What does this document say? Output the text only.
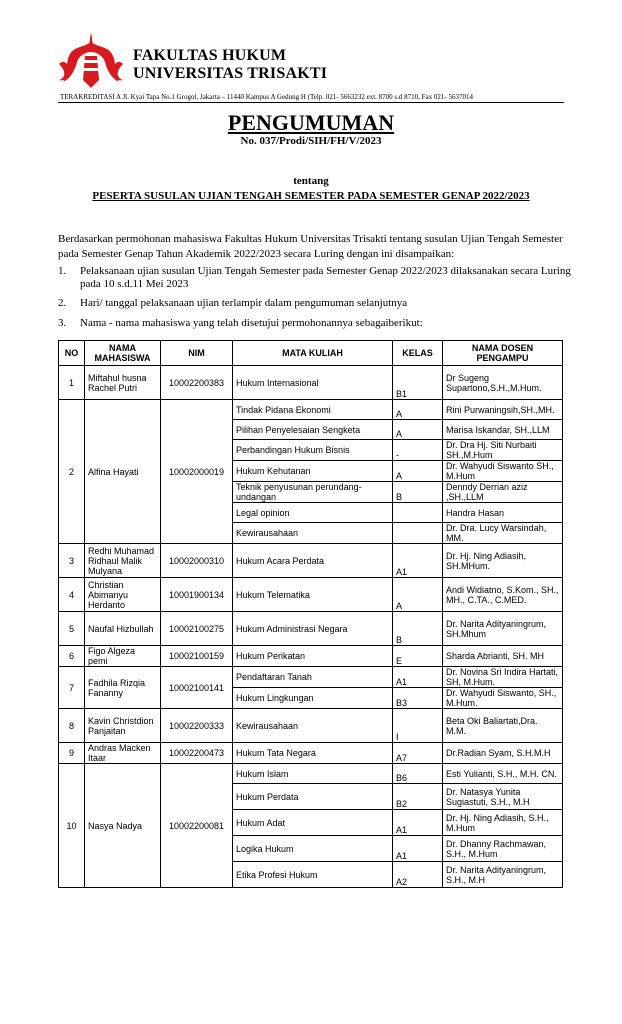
FAKULTAS HUKUM
UNIVERSITAS TRISAKTI
TERAKREDITASI A Jl. Kyai Tapa No.1 Grogol, Jakarta – 11440 Kampus A Gedung H (Telp. 021- 5663232 ext. 8700 s.d 8710, Fax 021- 5637014
PENGUMUMAN
No. 037/Prodi/SIH/FH/V/2023
tentang
PESERTA SUSULAN UJIAN TENGAH SEMESTER PADA SEMESTER GENAP 2022/2023
Berdasarkan permohonan mahasiswa Fakultas Hukum Universitas Trisakti tentang susulan Ujian Tengah Semester pada Semester Genap Tahun Akademik 2022/2023 secara Luring dengan ini disampaikan:
1. Pelaksanaan ujian susulan Ujian Tengah Semester pada Semester Genap 2022/2023 dilaksanakan secara Luring pada 10 s.d.11 Mei 2023
2. Hari/ tanggal pelaksanaan ujian terlampir dalam pengumuman selanjutnya
3. Nama - nama mahasiswa yang telah disetujui permohonannya sebagaiberikut:
NO	NAMA MAHASISWA	NIM	MATA KULIAH	KELAS	NAMA DOSEN PENGAMPU
1	Miftahul husna Rachel Putri	10002200383	Hukum Internasional	B1	Dr Sugeng Supartono,S.H.,M.Hum.
2	Alfina Hayati	10002000019	Tindak Pidana Ekonomi	A	Rini Purwaningsih,SH.,MH.
			Pilihan Penyelesaian Sengketa	A	Marisa Iskandar, SH.,LLM
			Perbandingan Hukum Bisnis	-	Dr. Dra Hj. Siti Nurbaiti SH.,M.Hum
			Hukum Kehutanan	A	Dr. Wahyudi Siswanto SH., M.Hum
			Teknik penyusunan perundang-undangan	B	Denndy Derrian aziz ,SH.,LLM
			Legal opinion		Handra Hasan
			Kewirausahaan		Dr. Dra. Lucy Warsindah, MM.
3	Redhi Muhamad Ridhaul Malik Mulyana	10002000310	Hukum Acara Perdata	A1	Dr. Hj. Ning Adiasih, SH.MHum.
4	Christian Abimanyu Herdanto	10001900134	Hukum Telematika	A	Andi Widiatno, S.Kom., SH., MH., C.TA., C.MED.
5	Naufal Hizbullah	10002100275	Hukum Administrasi Negara	B	Dr. Narita Adityaningrum, SH.Mhum
6	Figo Algeza pemi	10002100159	Hukum Perikatan	E	Sharda Abrianti, SH. MH
7	Fadhila Rizqia Fananny	10002100141	Pendaftaran Tanah	A1	Dr. Novina Sri Indira Hartati, SH, M.Hum.
			Hukum Lingkungan	B3	Dr. Wahyudi Siswanto, SH., M.Hum.
8	Kavin Christdion Panjaitan	10002200333	Kewirausahaan	I	Beta Oki Baliartati,Dra. M.M.
9	Andras Macken Itaar	10002200473	Hukum Tata Negara	A7	Dr.Radian Syam, S.H.M.H
10	Nasya Nadya	10002200081	Hukum Islam	B6	Esti Yulianti, S.H., M.H. CN.
			Hukum Perdata	B2	Dr. Natasya Yunita Sugiastuti, S.H., M.H
			Hukum Adat	A1	Dr. Hj. Ning Adiasih, S.H., M.Hum
			Logika Hukum	A1	Dr. Dhanny Rachmawan, S.H., M.Hum
			Etika Profesi Hukum	A2	Dr. Narita Adityaningrum, S.H., M.H
